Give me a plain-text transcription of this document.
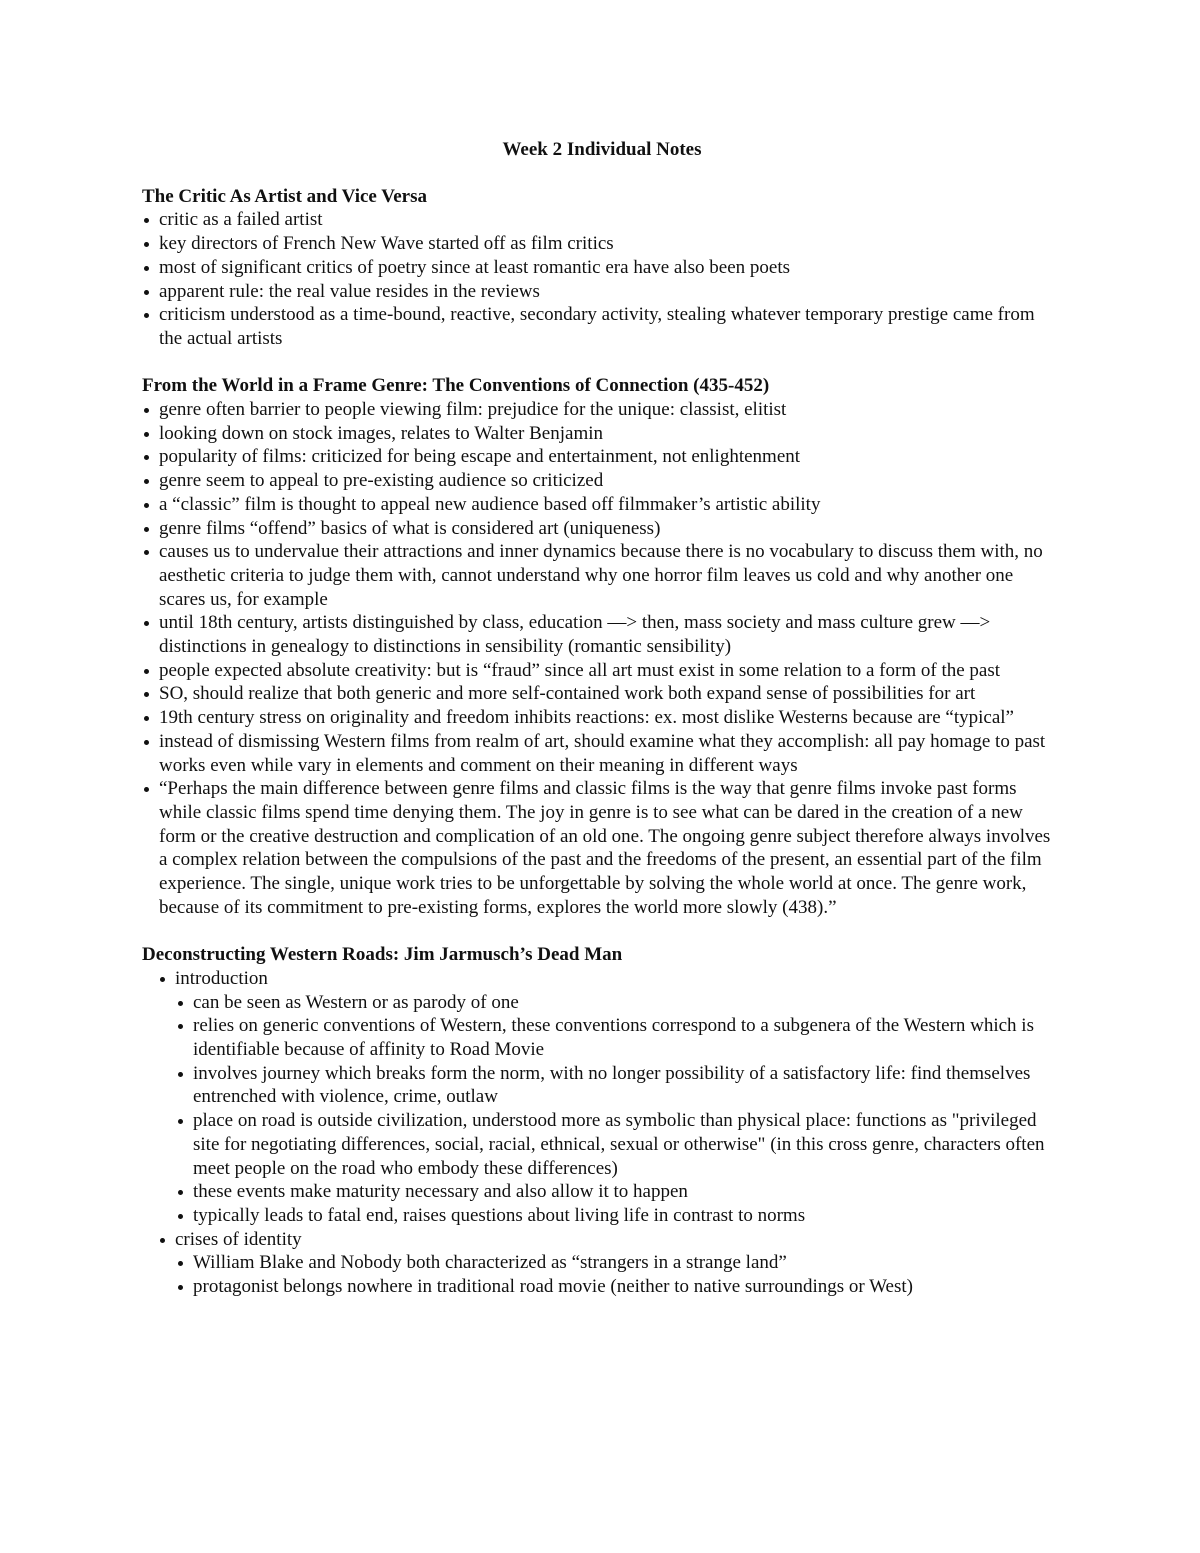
Week 2 Individual Notes
The Critic As Artist and Vice Versa
critic as a failed artist
key directors of French New Wave started off as film critics
most of significant critics of poetry since at least romantic era have also been poets
apparent rule: the real value resides in the reviews
criticism understood as a time-bound, reactive, secondary activity, stealing whatever temporary prestige came from the actual artists
From the World in a Frame Genre: The Conventions of Connection (435-452)
genre often barrier to people viewing film: prejudice for the unique: classist, elitist
looking down on stock images, relates to Walter Benjamin
popularity of films: criticized for being escape and entertainment, not enlightenment
genre seem to appeal to pre-existing audience so criticized
a “classic” film is thought to appeal new audience based off filmmaker’s artistic ability
genre films “offend” basics of what is considered art (uniqueness)
causes us to undervalue their attractions and inner dynamics because there is no vocabulary to discuss them with, no aesthetic criteria to judge them with, cannot understand why one horror film leaves us cold and why another one scares us, for example
until 18th century, artists distinguished by class, education —> then, mass society and mass culture grew —> distinctions in genealogy to distinctions in sensibility (romantic sensibility)
people expected absolute creativity: but is “fraud” since all art must exist in some relation to a form of the past
SO, should realize that both generic and more self-contained work both expand sense of possibilities for art
19th century stress on originality and freedom inhibits reactions: ex. most dislike Westerns because are “typical”
instead of dismissing Western films from realm of art, should examine what they accomplish: all pay homage to past works even while vary in elements and comment on their meaning in different ways
“Perhaps the main difference between genre films and classic films is the way that genre films invoke past forms while classic films spend time denying them. The joy in genre is to see what can be dared in the creation of a new form or the creative destruction and complication of an old one. The ongoing genre subject therefore always involves a complex relation between the compulsions of the past and the freedoms of the present, an essential part of the film experience. The single, unique work tries to be unforgettable by solving the whole world at once. The genre work, because of its commitment to pre-existing forms, explores the world more slowly (438).”
Deconstructing Western Roads: Jim Jarmusch’s Dead Man
introduction
can be seen as Western or as parody of one
relies on generic conventions of Western, these conventions correspond to a subgenera of the Western which is identifiable because of affinity to Road Movie
involves journey which breaks form the norm, with no longer possibility of a satisfactory life: find themselves entrenched with violence, crime, outlaw
place on road is outside civilization, understood more as symbolic than physical place: functions as "privileged site for negotiating differences, social, racial, ethnical, sexual or otherwise" (in this cross genre, characters often meet people on the road who embody these differences)
these events make maturity necessary and also allow it to happen
typically leads to fatal end, raises questions about living life in contrast to norms
crises of identity
William Blake and Nobody both characterized as “strangers in a strange land”
protagonist belongs nowhere in traditional road movie (neither to native surroundings or West)
